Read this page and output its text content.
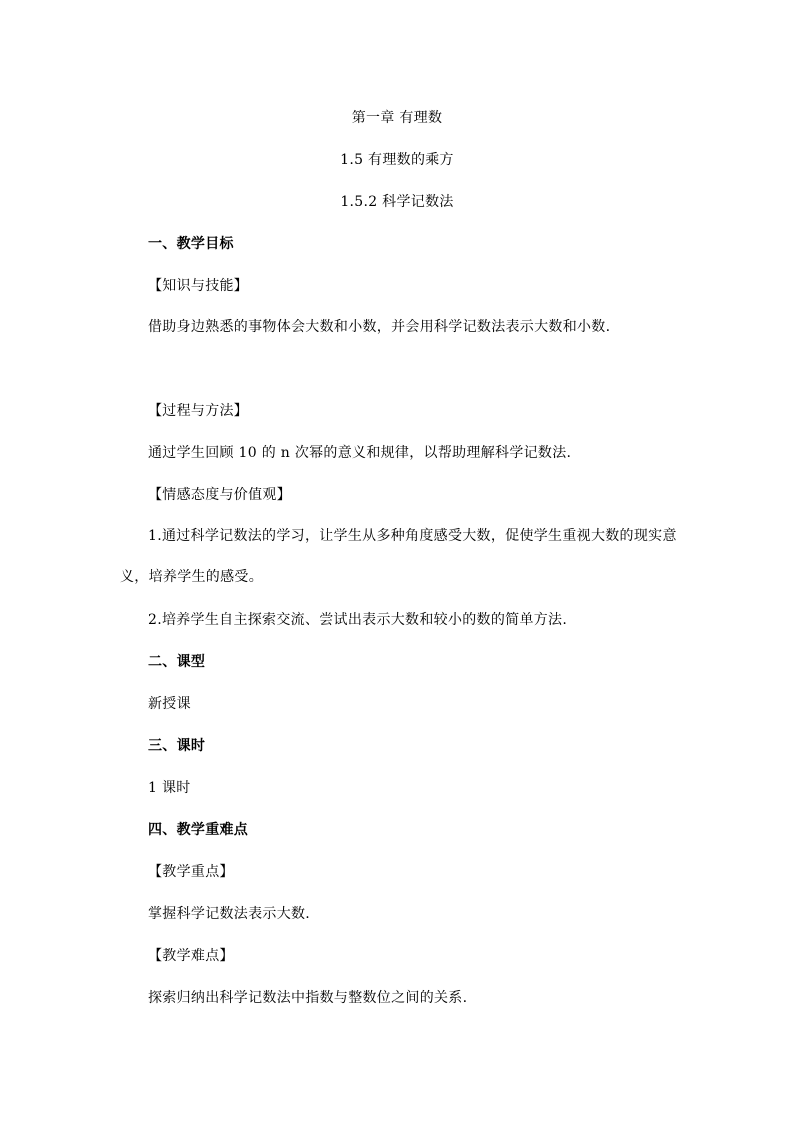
第一章 有理数
1.5 有理数的乘方
1.5.2 科学记数法
一、教学目标
【知识与技能】
借助身边熟悉的事物体会大数和小数，并会用科学记数法表示大数和小数.
【过程与方法】
通过学生回顾 10 的 n 次幂的意义和规律，以帮助理解科学记数法.
【情感态度与价值观】
1.通过科学记数法的学习，让学生从多种角度感受大数，促使学生重视大数的现实意义，培养学生的感受。
2.培养学生自主探索交流、尝试出表示大数和较小的数的简单方法.
二、课型
新授课
三、课时
1 课时
四、教学重难点
【教学重点】
掌握科学记数法表示大数.
【教学难点】
探索归纳出科学记数法中指数与整数位之间的关系.
